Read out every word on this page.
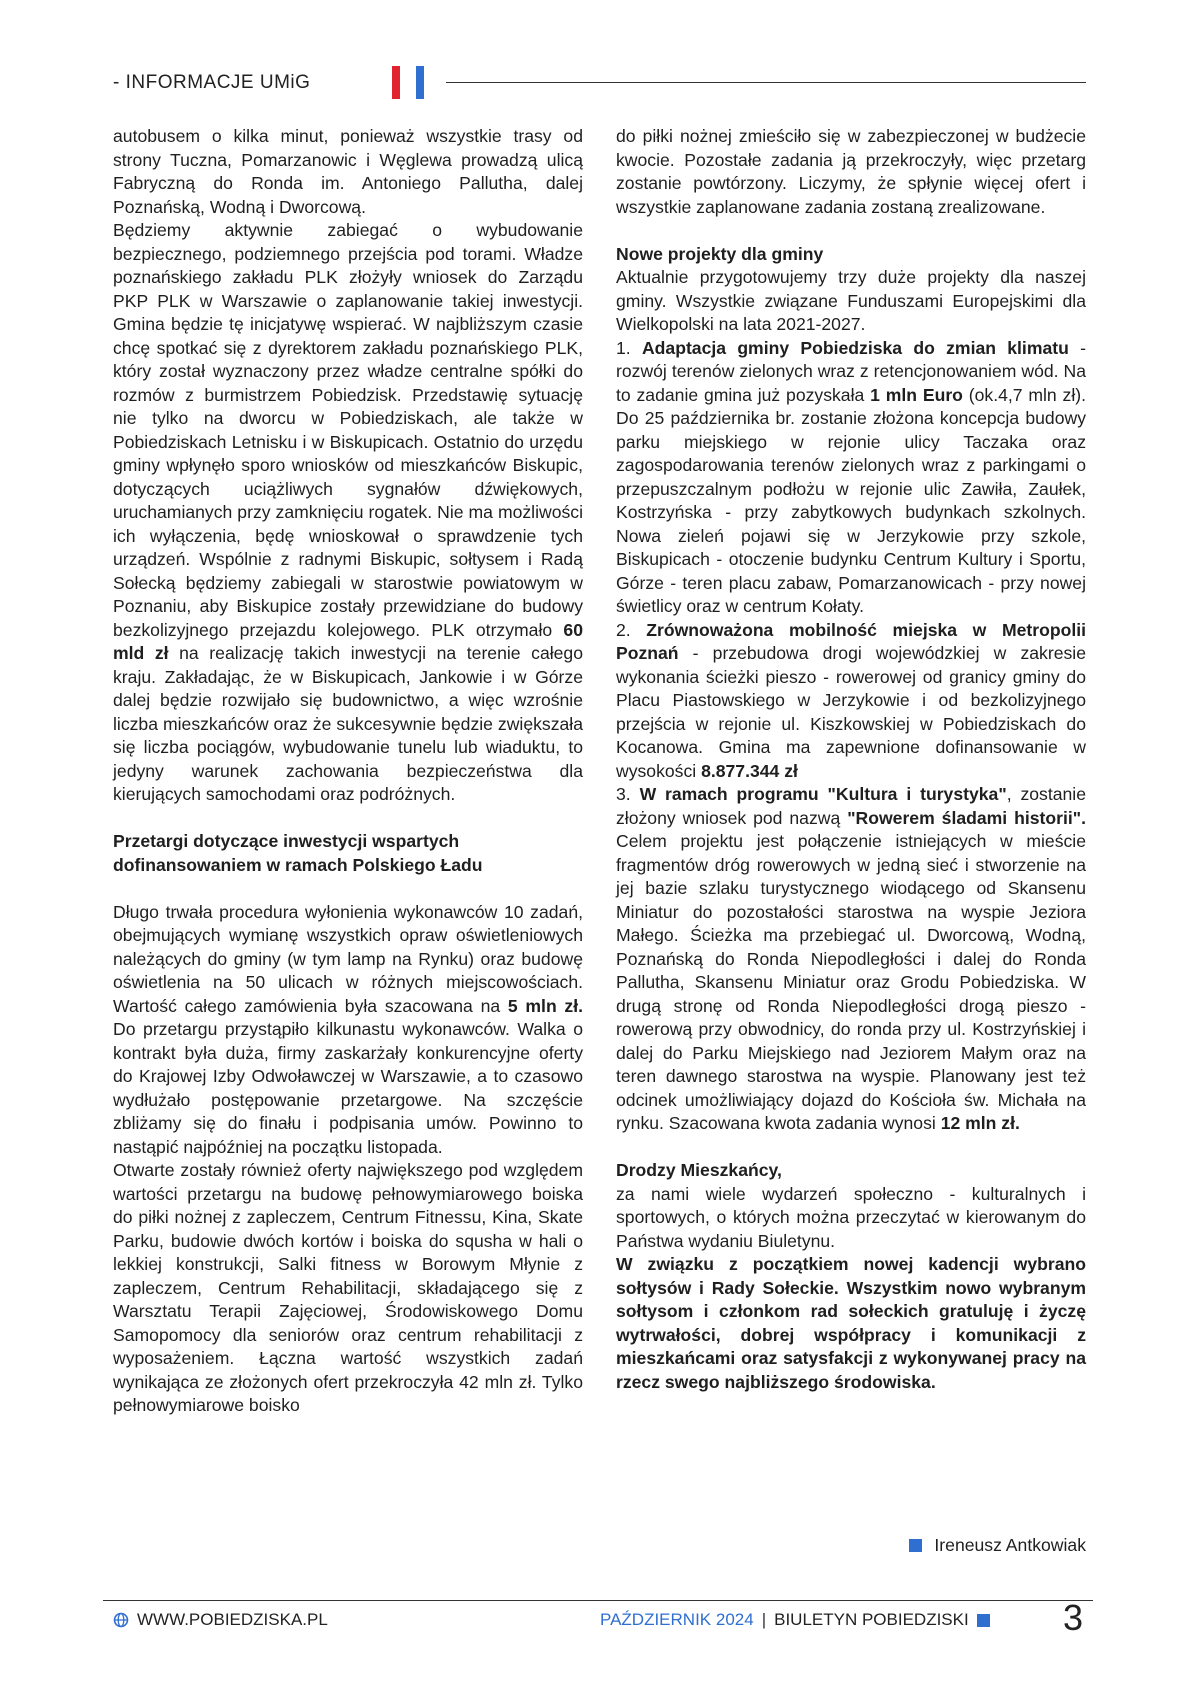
- INFORMACJE UMiG

autobusem o kilka minut, ponieważ wszystkie trasy od strony Tuczna, Pomarzanowic i Węglewa prowadzą ulicą Fabryczną do Ronda im. Antoniego Palluth​a, dalej Poznańską, Wodną i Dworcową.

Będziemy aktywnie zabiegać o wybudowanie bezpiecznego, podziemnego przejścia pod torami. Władze poznańskiego zakładu PLK złożyły wniosek do Zarządu PKP PLK w Warszawie o zaplanowanie takiej inwestycji. Gmina będzie tę inicjatywę wspierać. W najbliższym czasie chcę spotkać się z dyrektorem zakładu poznańskiego PLK, który został wyznaczony przez władze centralne spółki do rozmów z burmistrzem Pobiedzisk. Przedstawię sytuację nie tylko na dworcu w Pobiedziskach, ale także w Pobiedziskach Letnisku i w Biskupicach. Ostatnio do urzędu gminy wpłynęło sporo wniosków od mieszkańców Biskupic, dotyczących uciążliwych sygnałów dźwiękowych, uruchamianych przy zamknięciu rogatek. Nie ma możliwości ich wyłączenia, będę wnioskował o sprawdzenie tych urządzeń. Wspólnie z radnymi Biskupic, sołtysem i Radą Sołecką będziemy zabiegali w starostwie powiatowym w Poznaniu, aby Biskupice zostały przewidziane do budowy bezkolizyjnego przejazdu kolejowego. PLK otrzymało 60 mld zł na realizację takich inwestycji na terenie całego kraju. Zakładając, że w Biskupicach, Jankowie i w Górze dalej będzie rozwijało się budownictwo, a więc wzrośnie liczba mieszkańców oraz że sukcesywnie będzie zwiększała się liczba pociągów, wybudowanie tunelu lub wiaduktu, to jedyny warunek zachowania bezpieczeństwa dla kierujących samochodami oraz podróżnych.

Przetargi dotyczące inwestycji wspartych dofinansowaniem w ramach Polskiego Ładu

Długo trwała procedura wyłonienia wykonawców 10 zadań, obejmujących wymianę wszystkich opraw oświetleniowych należących do gminy (w tym lamp na Rynku) oraz budowę oświetlenia na 50 ulicach w różnych miejscowościach. Wartość całego zamówienia była szacowana na 5 mln zł. Do przetargu przystąpiło kilkunastu wykonawców. Walka o kontrakt była duża, firmy zaskarżały konkurencyjne oferty do Krajowej Izby Odwoławczej w Warszawie, a to czasowo wydłużało postępowanie przetargowe. Na szczęście zbliżamy się do finału i podpisania umów. Powinno to nastąpić najpóźniej na początku listopada.

Otwarte zostały również oferty największego pod względem wartości przetargu na budowę pełnowymiarowego boiska do piłki nożnej z zapleczem, Centrum Fitnessu, Kina, Skate Parku, budowie dwóch kortów i boiska do squsha w hali o lekkiej konstrukcji, Salki fitness w Borowym Młynie z zapleczem, Centrum Rehabilitacji, składającego się z Warsztatu Terapii Zajęciowej, Środowiskowego Domu Samopomocy dla seniorów oraz centrum rehabilitacji z wyposażeniem. Łączna wartość wszystkich zadań wynikająca ze złożonych ofert przekroczyła 42 mln zł. Tylko pełnowymiarowe boisko

do piłki nożnej zmieściło się w zabezpieczonej w budżecie kwocie. Pozostałe zadania ją przekroczyły, więc przetarg zostanie powtórzony. Liczymy, że spłynie więcej ofert i wszystkie zaplanowane zadania zostaną zrealizowane.

Nowe projekty dla gminy

Aktualnie przygotowujemy trzy duże projekty dla naszej gminy. Wszystkie związane Funduszami Europejskimi dla Wielkopolski na lata 2021-2027.

1. Adaptacja gminy Pobiedziska do zmian klimatu - rozwój terenów zielonych wraz z retencjonowaniem wód. Na to zadanie gmina już pozyskała 1 mln Euro (ok.4,7 mln zł). Do 25 października br. zostanie złożona koncepcja budowy parku miejskiego w rejonie ulicy Taczaka oraz zagospodarowania terenów zielonych wraz z parkingami o przepuszczalnym podłożu w rejonie ulic Zawiła, Zaułek, Kostrzyńska - przy zabytkowych budynkach szkolnych. Nowa zieleń pojawi się w Jerzykowie przy szkole, Biskupicach - otoczenie budynku Centrum Kultury i Sportu, Górze - teren placu zabaw, Pomarzanowicach - przy nowej świetlicy oraz w centrum Kołaty.

2. Zrównoważona mobilność miejska w Metropolii Poznań - przebudowa drogi wojewódzkiej w zakresie wykonania ścieżki pieszo - rowerowej od granicy gminy do Placu Piastowskiego w Jerzykowie i od bezkolizyjnego przejścia w rejonie ul. Kiszkowskiej w Pobiedziskach do Kocanowa. Gmina ma zapewnione dofinansowanie w wysokości 8.877.344 zł

3. W ramach programu "Kultura i turystyka", zostanie złożony wniosek pod nazwą "Rowerem śladami historii". Celem projektu jest połączenie istniejących w mieście fragmentów dróg rowerowych w jedną sieć i stworzenie na jej bazie szlaku turystycznego wiodącego od Skansenu Miniatur do pozostałości starostwa na wyspie Jeziora Małego. Ścieżka ma przebiegać ul. Dworcową, Wodną, Poznańską do Ronda Niepodległości i dalej do Ronda Palluth​a, Skansenu Miniatur oraz Grodu Pobiedziska. W drugą stronę od Ronda Niepodległości drogą pieszo -rowerową przy obwodnicy, do ronda przy ul. Kostrzyńskiej i dalej do Parku Miejskiego nad Jeziorem Małym oraz na teren dawnego starostwa na wyspie. Planowany jest też odcinek umożliwiający dojazd do Kościoła św. Michała na rynku. Szacowana kwota zadania wynosi 12 mln zł.

Drodzy Mieszkańcy,

za nami wiele wydarzeń społeczno - kulturalnych i sportowych, o których można przeczytać w kierowanym do Państwa wydaniu Biuletynu.

W związku z początkiem nowej kadencji wybrano sołtysów i Rady Sołeckie. Wszystkim nowo wybranym sołtysom i członkom rad sołeckich gratuluję i życzę wytrwałości, dobrej współpracy i komunikacji z mieszkańcami oraz satysfakcji z wykonywanej pracy na rzecz swego najbliższego środowiska.

Ireneusz Antkowiak
WWW.POBIEDZISKA.PL	PAŹDZIERNIK 2024 | BIULETYN POBIEDZISKI	3
